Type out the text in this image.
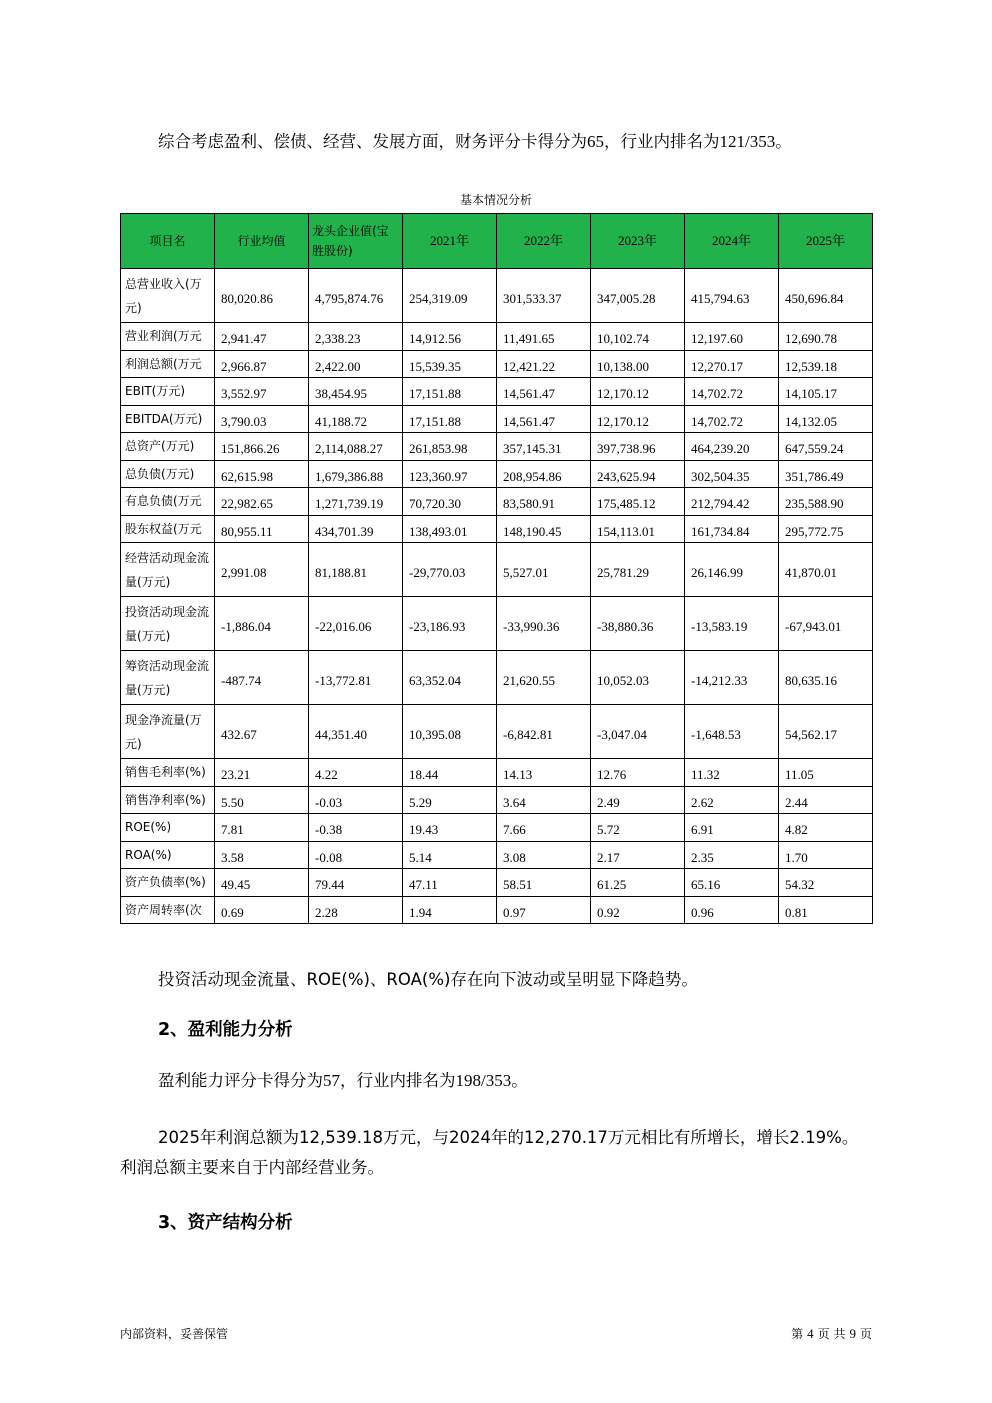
综合考虑盈利、偿债、经营、发展方面，财务评分卡得分为65，行业内排名为121/353。

基本情况分析
项目名	行业均值	龙头企业值(宝胜股份)	2021年	2022年	2023年	2024年	2025年
总营业收入(万元)	80,020.86	4,795,874.76	254,319.09	301,533.37	347,005.28	415,794.63	450,696.84
营业利润(万元	2,941.47	2,338.23	14,912.56	11,491.65	10,102.74	12,197.60	12,690.78
利润总额(万元	2,966.87	2,422.00	15,539.35	12,421.22	10,138.00	12,270.17	12,539.18
EBIT(万元)	3,552.97	38,454.95	17,151.88	14,561.47	12,170.12	14,702.72	14,105.17
EBITDA(万元)	3,790.03	41,188.72	17,151.88	14,561.47	12,170.12	14,702.72	14,132.05
总资产(万元)	151,866.26	2,114,088.27	261,853.98	357,145.31	397,738.96	464,239.20	647,559.24
总负债(万元)	62,615.98	1,679,386.88	123,360.97	208,954.86	243,625.94	302,504.35	351,786.49
有息负债(万元	22,982.65	1,271,739.19	70,720.30	83,580.91	175,485.12	212,794.42	235,588.90
股东权益(万元	80,955.11	434,701.39	138,493.01	148,190.45	154,113.01	161,734.84	295,772.75
经营活动现金流量(万元)	2,991.08	81,188.81	-29,770.03	5,527.01	25,781.29	26,146.99	41,870.01
投资活动现金流量(万元)	-1,886.04	-22,016.06	-23,186.93	-33,990.36	-38,880.36	-13,583.19	-67,943.01
筹资活动现金流量(万元)	-487.74	-13,772.81	63,352.04	21,620.55	10,052.03	-14,212.33	80,635.16
现金净流量(万元)	432.67	44,351.40	10,395.08	-6,842.81	-3,047.04	-1,648.53	54,562.17
销售毛利率(%)	23.21	4.22	18.44	14.13	12.76	11.32	11.05
销售净利率(%)	5.50	-0.03	5.29	3.64	2.49	2.62	2.44
ROE(%)	7.81	-0.38	19.43	7.66	5.72	6.91	4.82
ROA(%)	3.58	-0.08	5.14	3.08	2.17	2.35	1.70
资产负债率(%)	49.45	79.44	47.11	58.51	61.25	65.16	54.32
资产周转率(次	0.69	2.28	1.94	0.97	0.92	0.96	0.81

投资活动现金流量、ROE(%)、ROA(%)存在向下波动或呈明显下降趋势。

2、盈利能力分析

盈利能力评分卡得分为57，行业内排名为198/353。

2025年利润总额为12,539.18万元，与2024年的12,270.17万元相比有所增长，增长2.19%。利润总额主要来自于内部经营业务。

3、资产结构分析
内部资料，妥善保管	第 4 页 共 9 页
